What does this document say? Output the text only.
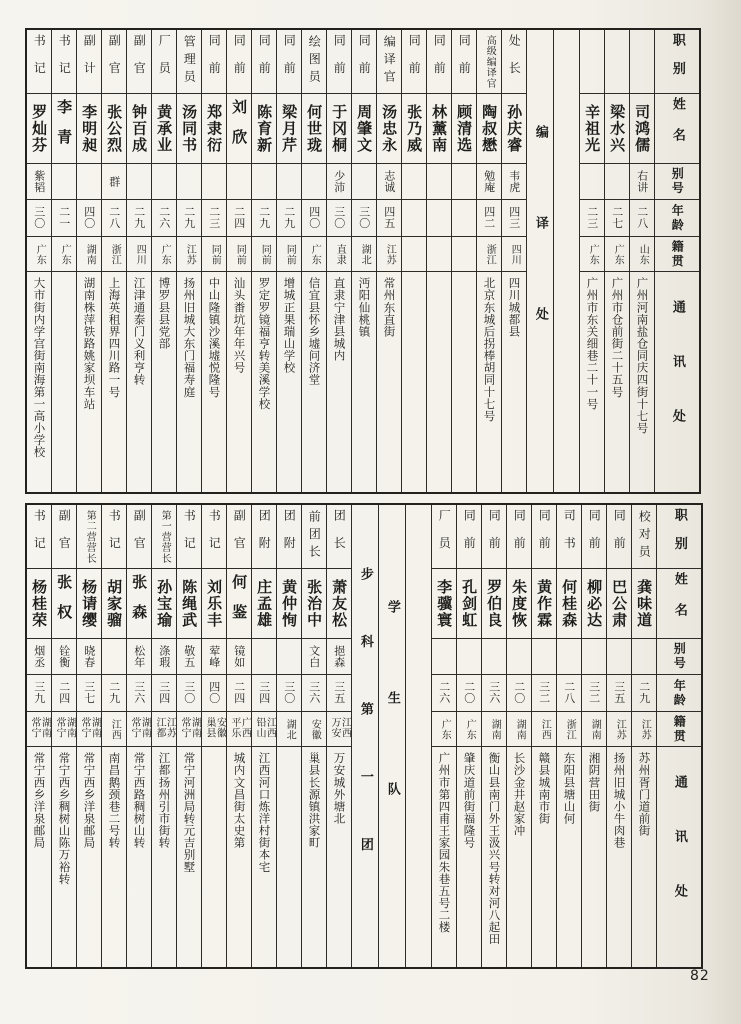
书记
罗灿芬
紫韬
三〇
广东
大市街内学宫街南海第一高小学校
书记
李青
二一
广东
副计
李明昶
四〇
湖南
湖南株萍铁路姚家坝车站
副官
张公烈
群
二八
浙江
上海英租界四川路一号
副官
钟百成
二九
四川
江津通泰门义利亨转
厂员
黄承业
二六
广东
博罗县县党部
管理员
汤同书
二九
江苏
扬州旧城大东门福寿庭
同前
郑隶衍
二三
同前
中山隆镇沙溪墟悦隆号
同前
刘欣
二四
同前
汕头畨坑年年兴号
同前
陈育新
二九
同前
罗定罗镜福亨转美溪学校
同前
梁月芹
二九
同前
增城正果瑞山学校
绘图员
何世珑
四〇
广东
信宜县怀乡墟问济堂
同前
于冈桐
少沛
三〇
直隶
直隶宁津县城内
同前
周肇文
三〇
湖北
沔阳仙桃镇
编译官
汤忠永
志诚
四五
江苏
常州东直街
同前
张乃威
同前
林薰南
同前
顾清选
高级编译官
陶叔懋
勉庵
四二
浙江
北京东城后拐棒胡同十七号
处长
孙庆睿
韦虎
四三
四川
四川城都县 编译处 辛祖光
二三
广东
广州市东关细巷二十一号
梁水兴
二七
广东
广州市仓前街二十五号
司鸿儒
右讲
二八
山东
广州河南盐仓同庆四街十七号
职别
姓名
别号
年龄
籍贯
通讯处
书记
杨桂荣
烟丞
三九
湖南常宁
常宁西乡洋泉邮局
副官
张权
铨衡
二四
湖南常宁
常宁西乡稠树山陈万裕转
第二营营长
杨请缨
晓春
三七
湖南常宁
常宁西乡洋泉邮局
书记
胡家骝
二九
江西
南昌鹅颈巷二号转
副官
张森
松年
三六
湖南常宁
常宁西路稠树山转
第一营营长
孙宝瑜
涤瑕
三四
江苏江都
江都扬州引市街转
书记
陈绳武
敬五
三〇
湖南常宁
常宁河洲局转元吉别墅
书记
刘乐丰
荤峰
四〇
安徽巢县
副官
何鉴
镜如
二四
广西平乐
城内文昌街太史第
团附
庄孟雄
三四
江西铅山
江西河口炼洋村街本宅
团附
黄仲恂
三〇
湖北
前团长
张治中
文白
三六
安徽
巢县长源镇洪家町
团长
萧友松
挹森
三五
江西万安
万安城外塘北 步科第一团 学生队
厂员
李骥寰
二六
广东
广州市第四甫王家园朱巷五号二楼
同前
孔剑虹
二〇
广东
肇庆道前街福隆号
同前
罗伯良
三六
湖南
衡山县南门外王汲兴号转对河八起田
同前
朱度恢
二〇
湖南
长沙金井赵家冲
同前
黄作霖
三二
江西
赣县城南市街
司书
何桂森
二八
浙江
东阳县塘山何
同前
柳必达
三二
湖南
湘阴营田街
同前
巴公肃
三五
江苏
扬州旧城小牛肉巷
校对员
龚味道
二九
江苏
苏州胥门道前街
职别
姓名
别号
年龄
籍贯
通讯处
82
